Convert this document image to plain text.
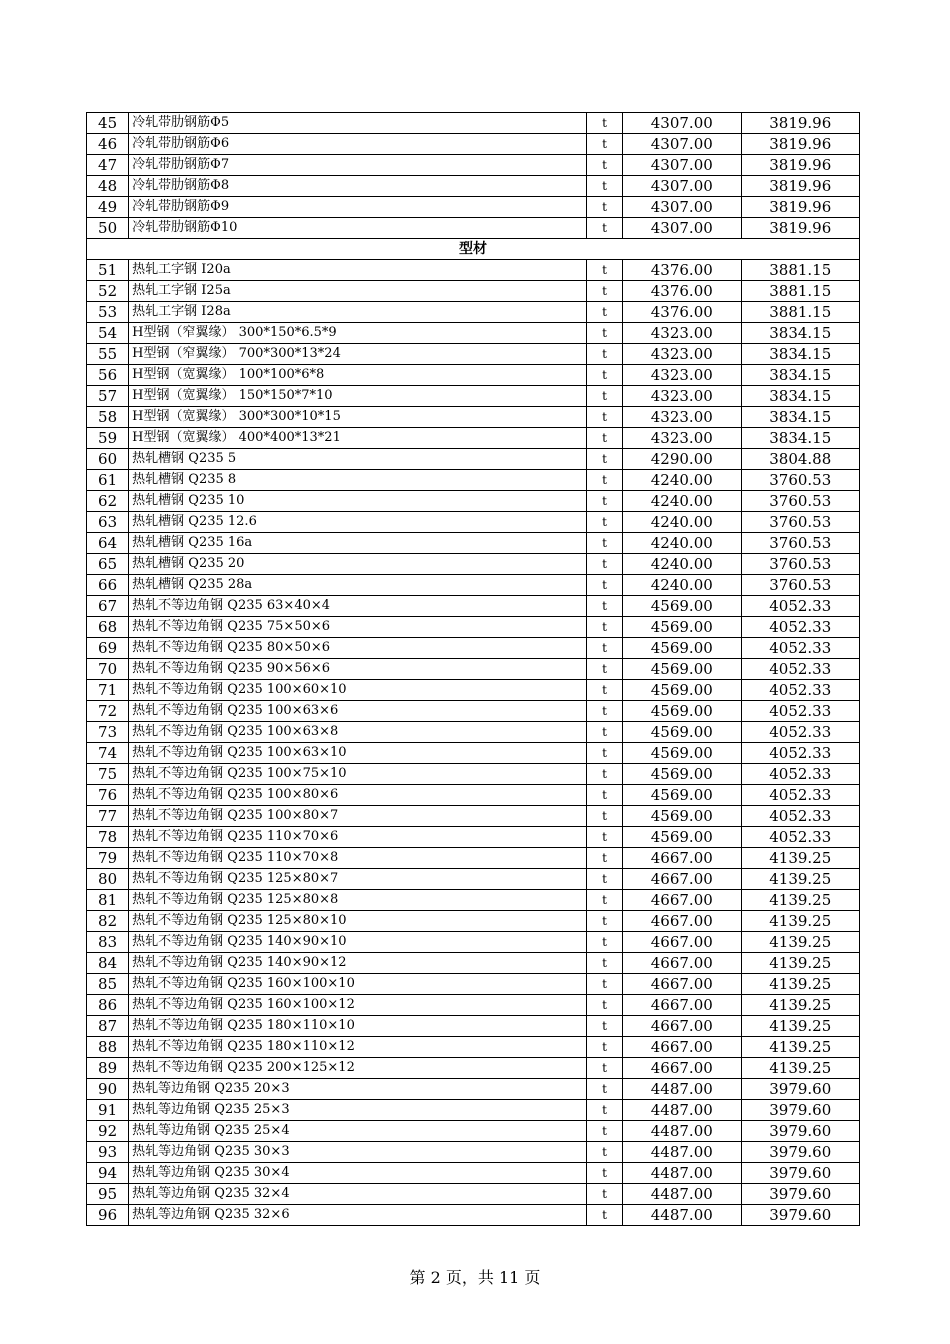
45	冷轧带肋钢筋Φ5	t	4307.00	3819.96
46	冷轧带肋钢筋Φ6	t	4307.00	3819.96
47	冷轧带肋钢筋Φ7	t	4307.00	3819.96
48	冷轧带肋钢筋Φ8	t	4307.00	3819.96
49	冷轧带肋钢筋Φ9	t	4307.00	3819.96
50	冷轧带肋钢筋Φ10	t	4307.00	3819.96
型材				
51	热轧工字钢 I20a	t	4376.00	3881.15
52	热轧工字钢 I25a	t	4376.00	3881.15
53	热轧工字钢 I28a	t	4376.00	3881.15
54	H型钢（窄翼缘） 300*150*6.5*9	t	4323.00	3834.15
55	H型钢（窄翼缘） 700*300*13*24	t	4323.00	3834.15
56	H型钢（宽翼缘） 100*100*6*8	t	4323.00	3834.15
57	H型钢（宽翼缘） 150*150*7*10	t	4323.00	3834.15
58	H型钢（宽翼缘） 300*300*10*15	t	4323.00	3834.15
59	H型钢（宽翼缘） 400*400*13*21	t	4323.00	3834.15
60	热轧槽钢 Q235 5	t	4290.00	3804.88
61	热轧槽钢 Q235 8	t	4240.00	3760.53
62	热轧槽钢 Q235 10	t	4240.00	3760.53
63	热轧槽钢 Q235 12.6	t	4240.00	3760.53
64	热轧槽钢 Q235 16a	t	4240.00	3760.53
65	热轧槽钢 Q235 20	t	4240.00	3760.53
66	热轧槽钢 Q235 28a	t	4240.00	3760.53
67	热轧不等边角钢 Q235 63×40×4	t	4569.00	4052.33
68	热轧不等边角钢 Q235 75×50×6	t	4569.00	4052.33
69	热轧不等边角钢 Q235 80×50×6	t	4569.00	4052.33
70	热轧不等边角钢 Q235 90×56×6	t	4569.00	4052.33
71	热轧不等边角钢 Q235 100×60×10	t	4569.00	4052.33
72	热轧不等边角钢 Q235 100×63×6	t	4569.00	4052.33
73	热轧不等边角钢 Q235 100×63×8	t	4569.00	4052.33
74	热轧不等边角钢 Q235 100×63×10	t	4569.00	4052.33
75	热轧不等边角钢 Q235 100×75×10	t	4569.00	4052.33
76	热轧不等边角钢 Q235 100×80×6	t	4569.00	4052.33
77	热轧不等边角钢 Q235 100×80×7	t	4569.00	4052.33
78	热轧不等边角钢 Q235 110×70×6	t	4569.00	4052.33
79	热轧不等边角钢 Q235 110×70×8	t	4667.00	4139.25
80	热轧不等边角钢 Q235 125×80×7	t	4667.00	4139.25
81	热轧不等边角钢 Q235 125×80×8	t	4667.00	4139.25
82	热轧不等边角钢 Q235 125×80×10	t	4667.00	4139.25
83	热轧不等边角钢 Q235 140×90×10	t	4667.00	4139.25
84	热轧不等边角钢 Q235 140×90×12	t	4667.00	4139.25
85	热轧不等边角钢 Q235 160×100×10	t	4667.00	4139.25
86	热轧不等边角钢 Q235 160×100×12	t	4667.00	4139.25
87	热轧不等边角钢 Q235 180×110×10	t	4667.00	4139.25
88	热轧不等边角钢 Q235 180×110×12	t	4667.00	4139.25
89	热轧不等边角钢 Q235 200×125×12	t	4667.00	4139.25
90	热轧等边角钢 Q235 20×3	t	4487.00	3979.60
91	热轧等边角钢 Q235 25×3	t	4487.00	3979.60
92	热轧等边角钢 Q235 25×4	t	4487.00	3979.60
93	热轧等边角钢 Q235 30×3	t	4487.00	3979.60
94	热轧等边角钢 Q235 30×4	t	4487.00	3979.60
95	热轧等边角钢 Q235 32×4	t	4487.00	3979.60
96	热轧等边角钢 Q235 32×6	t	4487.00	3979.60
第 2 页，共 11 页
